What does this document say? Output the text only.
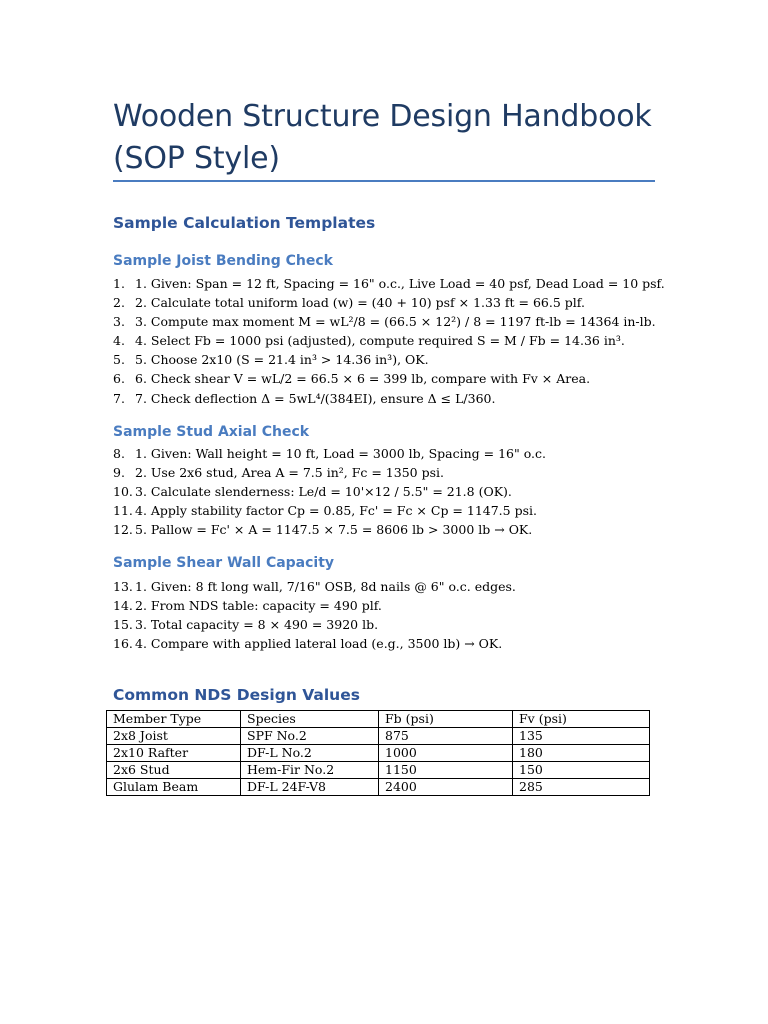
Wooden Structure Design Handbook (SOP Style)
Sample Calculation Templates
Sample Joist Bending Check
1. 1. Given: Span = 12 ft, Spacing = 16" o.c., Live Load = 40 psf, Dead Load = 10 psf.
2. 2. Calculate total uniform load (w) = (40 + 10) psf × 1.33 ft = 66.5 plf.
3. 3. Compute max moment M = wL²/8 = (66.5 × 12²) / 8 = 1197 ft-lb = 14364 in-lb.
4. 4. Select Fb = 1000 psi (adjusted), compute required S = M / Fb = 14.36 in³.
5. 5. Choose 2x10 (S = 21.4 in³ > 14.36 in³), OK.
6. 6. Check shear V = wL/2 = 66.5 × 6 = 399 lb, compare with Fv × Area.
7. 7. Check deflection Δ = 5wL⁴/(384EI), ensure Δ ≤ L/360.
Sample Stud Axial Check
8. 1. Given: Wall height = 10 ft, Load = 3000 lb, Spacing = 16" o.c.
9. 2. Use 2x6 stud, Area A = 7.5 in², Fc = 1350 psi.
10. 3. Calculate slenderness: Le/d = 10'×12 / 5.5" = 21.8 (OK).
11. 4. Apply stability factor Cp = 0.85, Fc' = Fc × Cp = 1147.5 psi.
12. 5. Pallow = Fc' × A = 1147.5 × 7.5 = 8606 lb > 3000 lb → OK.
Sample Shear Wall Capacity
13. 1. Given: 8 ft long wall, 7/16" OSB, 8d nails @ 6" o.c. edges.
14. 2. From NDS table: capacity = 490 plf.
15. 3. Total capacity = 8 × 490 = 3920 lb.
16. 4. Compare with applied lateral load (e.g., 3500 lb) → OK.
Common NDS Design Values
Member Type	Species	Fb (psi)	Fv (psi)
2x8 Joist	SPF No.2	875	135
2x10 Rafter	DF-L No.2	1000	180
2x6 Stud	Hem-Fir No.2	1150	150
Glulam Beam	DF-L 24F-V8	2400	285
